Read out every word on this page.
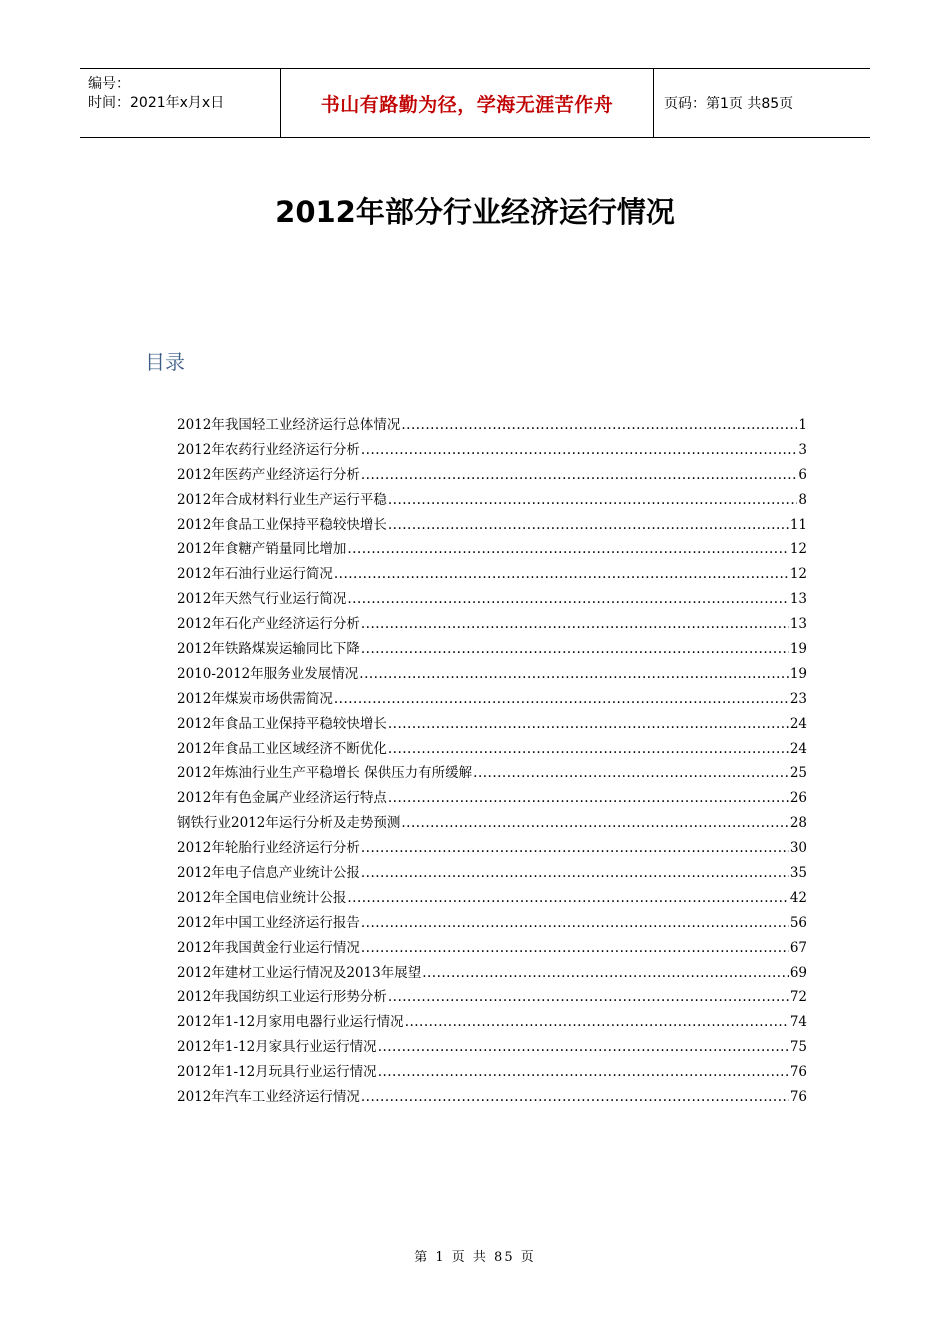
编号：
时间：2021年x月x日	书山有路勤为径，学海无涯苦作舟	页码：第1页 共85页
2012年部分行业经济运行情况
目录
2012年我国轻工业经济运行总体情况 .....	1
2012年农药行业经济运行分析 .....	3
2012年医药产业经济运行分析 .....	6
2012年合成材料行业生产运行平稳 .....	8
2012年食品工业保持平稳较快增长 .....	11
2012年食糖产销量同比增加 .....	12
2012年石油行业运行简况 .....	12
2012年天然气行业运行简况 .....	13
2012年石化产业经济运行分析 .....	13
2012年铁路煤炭运输同比下降 .....	19
2010-2012年服务业发展情况 .....	19
2012年煤炭市场供需简况 .....	23
2012年食品工业保持平稳较快增长 .....	24
2012年食品工业区域经济不断优化 .....	24
2012年炼油行业生产平稳增长 保供压力有所缓解 .....	25
2012年有色金属产业经济运行特点 .....	26
钢铁行业2012年运行分析及走势预测 .....	28
2012年轮胎行业经济运行分析 .....	30
2012年电子信息产业统计公报 .....	35
2012年全国电信业统计公报 .....	42
2012年中国工业经济运行报告 .....	56
2012年我国黄金行业运行情况 .....	67
2012年建材工业运行情况及2013年展望 .....	69
2012年我国纺织工业运行形势分析 .....	72
2012年1-12月家用电器行业运行情况 .....	74
2012年1-12月家具行业运行情况 .....	75
2012年1-12月玩具行业运行情况 .....	76
2012年汽车工业经济运行情况 .....	76
第 1 页 共 85 页
